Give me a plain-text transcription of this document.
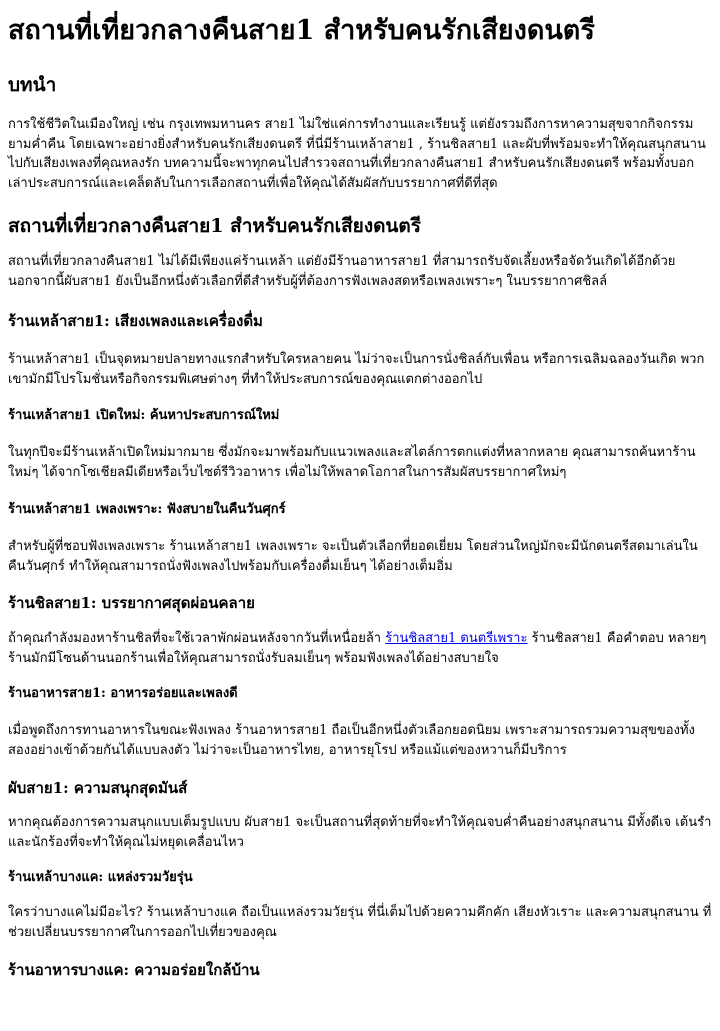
สถานที่เที่ยวกลางคืนสาย1 สำหรับคนรักเสียงดนตรี
บทนำ

การใช้ชีวิตในเมืองใหญ่ เช่น กรุงเทพมหานคร สาย1 ไม่ใช่แค่การทำงานและเรียนรู้ แต่ยังรวมถึงการหาความสุขจากกิจกรรมยามค่ำคืน โดยเฉพาะอย่างยิ่งสำหรับคนรักเสียงดนตรี ที่นี่มีร้านเหล้าสาย1 , ร้านชิลสาย1 และผับที่พร้อมจะทำให้คุณสนุกสนานไปกับเสียงเพลงที่คุณหลงรัก บทความนี้จะพาทุกคนไปสำรวจสถานที่เที่ยวกลางคืนสาย1 สำหรับคนรักเสียงดนตรี พร้อมทั้งบอกเล่าประสบการณ์และเคล็ดลับในการเลือกสถานที่เพื่อให้คุณได้สัมผัสกับบรรยากาศที่ดีที่สุด

สถานที่เที่ยวกลางคืนสาย1 สำหรับคนรักเสียงดนตรี

สถานที่เที่ยวกลางคืนสาย1 ไม่ได้มีเพียงแค่ร้านเหล้า แต่ยังมีร้านอาหารสาย1 ที่สามารถรับจัดเลี้ยงหรือจัดวันเกิดได้อีกด้วย นอกจากนี้ผับสาย1 ยังเป็นอีกหนึ่งตัวเลือกที่ดีสำหรับผู้ที่ต้องการฟังเพลงสดหรือเพลงเพราะๆ ในบรรยากาศชิลล์

ร้านเหล้าสาย1: เสียงเพลงและเครื่องดื่ม

ร้านเหล้าสาย1 เป็นจุดหมายปลายทางแรกสำหรับใครหลายคน ไม่ว่าจะเป็นการนั่งชิลล์กับเพื่อน หรือการเฉลิมฉลองวันเกิด พวกเขามักมีโปรโมชั่นหรือกิจกรรมพิเศษต่างๆ ที่ทำให้ประสบการณ์ของคุณแตกต่างออกไป

ร้านเหล้าสาย1 เปิดใหม่: ค้นหาประสบการณ์ใหม่

ในทุกปีจะมีร้านเหล้าเปิดใหม่มากมาย ซึ่งมักจะมาพร้อมกับแนวเพลงและสไตล์การตกแต่งที่หลากหลาย คุณสามารถค้นหาร้านใหม่ๆ ได้จากโซเชียลมีเดียหรือเว็บไซต์รีวิวอาหาร เพื่อไม่ให้พลาดโอกาสในการสัมผัสบรรยากาศใหม่ๆ

ร้านเหล้าสาย1 เพลงเพราะ: ฟังสบายในคืนวันศุกร์

สำหรับผู้ที่ชอบฟังเพลงเพราะ ร้านเหล้าสาย1 เพลงเพราะ จะเป็นตัวเลือกที่ยอดเยี่ยม โดยส่วนใหญ่มักจะมีนักดนตรีสดมาเล่นในคืนวันศุกร์ ทำให้คุณสามารถนั่งฟังเพลงไปพร้อมกับเครื่องดื่มเย็นๆ ได้อย่างเต็มอิ่ม

ร้านชิลสาย1: บรรยากาศสุดผ่อนคลาย

ถ้าคุณกำลังมองหาร้านชิลที่จะใช้เวลาพักผ่อนหลังจากวันที่เหนื่อยล้า ร้านชิลสาย1 ดนตรีเพราะ ร้านชิลสาย1 คือคำตอบ หลายๆ ร้านมักมีโซนด้านนอกร้านเพื่อให้คุณสามารถนั่งรับลมเย็นๆ พร้อมฟังเพลงได้อย่างสบายใจ

ร้านอาหารสาย1: อาหารอร่อยและเพลงดี

เมื่อพูดถึงการทานอาหารในขณะฟังเพลง ร้านอาหารสาย1 ถือเป็นอีกหนึ่งตัวเลือกยอดนิยม เพราะสามารถรวมความสุขของทั้งสองอย่างเข้าด้วยกันได้แบบลงตัว ไม่ว่าจะเป็นอาหารไทย, อาหารยุโรป หรือแม้แต่ของหวานก็มีบริการ

ผับสาย1: ความสนุกสุดมันส์

หากคุณต้องการความสนุกแบบเต็มรูปแบบ ผับสาย1 จะเป็นสถานที่สุดท้ายที่จะทำให้คุณจบค่ำคืนอย่างสนุกสนาน มีทั้งดีเจ เต้นรำ และนักร้องที่จะทำให้คุณไม่หยุดเคลื่อนไหว

ร้านเหล้าบางแค: แหล่งรวมวัยรุ่น

ใครว่าบางแคไม่มีอะไร? ร้านเหล้าบางแค ถือเป็นแหล่งรวมวัยรุ่น ที่นี่เต็มไปด้วยความคึกคัก เสียงหัวเราะ และความสนุกสนาน ที่ช่วยเปลี่ยนบรรยากาศในการออกไปเที่ยวของคุณ

ร้านอาหารบางแค: ความอร่อยใกล้บ้าน
